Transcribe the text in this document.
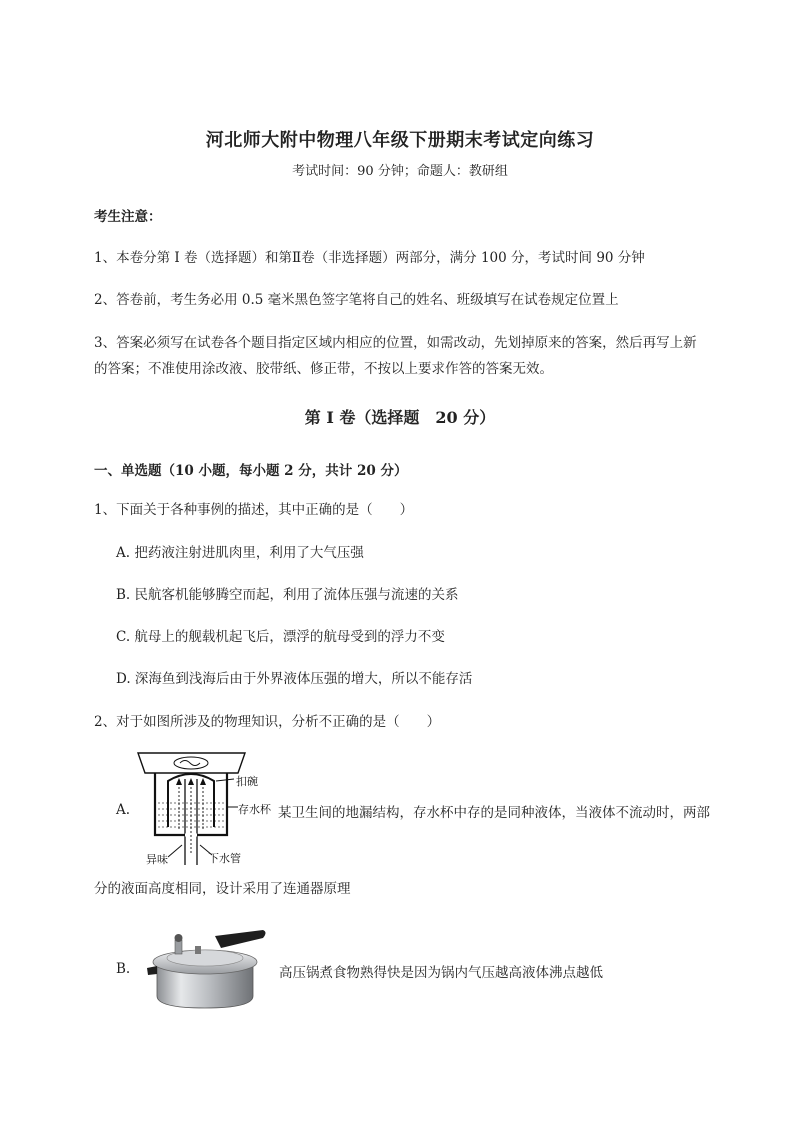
河北师大附中物理八年级下册期末考试定向练习
考试时间：90 分钟；命题人：教研组
考生注意：
1、本卷分第 I 卷（选择题）和第Ⅱ卷（非选择题）两部分，满分 100 分，考试时间 90 分钟
2、答卷前，考生务必用 0.5 毫米黑色签字笔将自己的姓名、班级填写在试卷规定位置上
3、答案必须写在试卷各个题目指定区域内相应的位置，如需改动，先划掉原来的答案，然后再写上新
的答案；不准使用涂改液、胶带纸、修正带，不按以上要求作答的答案无效。
第 I 卷（选择题　20 分）
一、单选题（10 小题，每小题 2 分，共计 20 分）
1、下面关于各种事例的描述，其中正确的是（　　）
A. 把药液注射进肌肉里，利用了大气压强
B. 民航客机能够腾空而起，利用了流体压强与流速的关系
C. 航母上的舰载机起飞后，漂浮的航母受到的浮力不变
D. 深海鱼到浅海后由于外界液体压强的增大，所以不能存活
2、对于如图所涉及的物理知识，分析不正确的是（　　）
A.
扣碗
存水杯
异味	下水管
某卫生间的地漏结构，存水杯中存的是同种液体，当液体不流动时，两部
分的液面高度相同，设计采用了连通器原理
B.	高压锅煮食物熟得快是因为锅内气压越高液体沸点越低
